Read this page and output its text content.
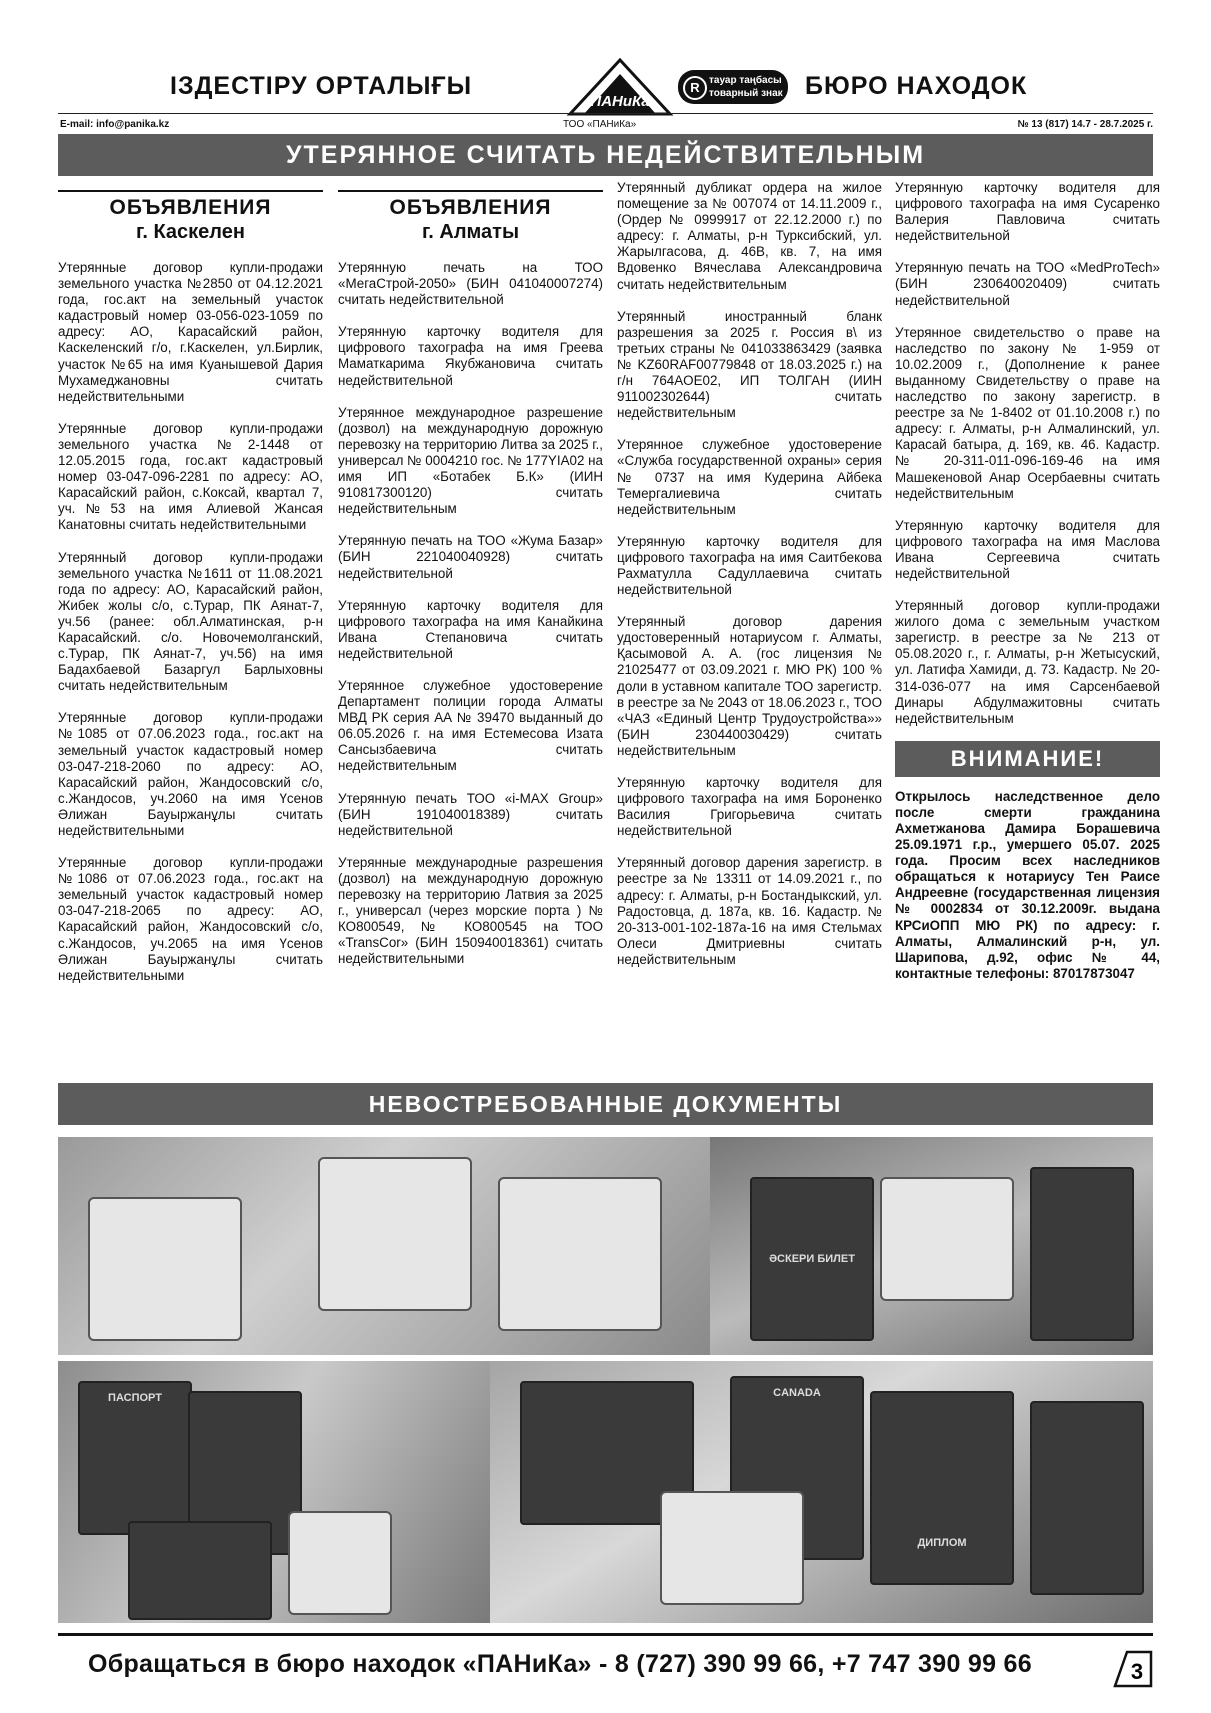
ІЗДЕСТІРУ ОРТАЛЫҒЫ
ПАНиКа
R тауар таңбасы
товарный знак БЮРО НАХОДОК
E-mail: info@panika.kz	ТОО «ПАНиКа»	№ 13 (817) 14.7 - 28.7.2025 г.
УТЕРЯННОЕ СЧИТАТЬ НЕДЕЙСТВИТЕЛЬНЫМ
ОБЪЯВЛЕНИЯ
г. Каскелен

Утерянные договор купли-продажи земельного участка №2850 от 04.12.2021 года, гос.акт на земельный участок кадастровый номер 03-056-023-1059 по адресу: АО, Карасайский район, Каскеленский г/о, г.Каскелен, ул.Бирлик, участок №65 на имя Куанышевой Дария Мухамеджановны считать недействительными

Утерянные договор купли-продажи земельного участка №2-1448 от 12.05.2015 года, гос.акт кадастровый номер 03-047-096-2281 по адресу: АО, Карасайский район, с.Коксай, квартал 7, уч.№53 на имя Алиевой Жансая Канатовны считать недействительными

Утерянный договор купли-продажи земельного участка №1611 от 11.08.2021 года по адресу: АО, Карасайский район, Жибек жолы с/о, с.Турар, ПК Аянат-7, уч.56 (ранее: обл.Алматинская, р-н Карасайский. с/о. Новочемолганский, с.Турар, ПК Аянат-7, уч.56) на имя Бадахбаевой Базаргул Барлыховны считать недействительным

Утерянные договор купли-продажи №1085 от 07.06.2023 года., гос.акт на земельный участок кадастровый номер 03-047-218-2060 по адресу: АО, Карасайский район, Жандосовский с/о, с.Жандосов, уч.2060 на имя Үсенов Әлижан Бауыржанұлы считать недействительными

Утерянные договор купли-продажи №1086 от 07.06.2023 года., гос.акт на земельный участок кадастровый номер 03-047-218-2065 по адресу: АО, Карасайский район, Жандосовский с/о, с.Жандосов, уч.2065 на имя Үсенов Әлижан Бауыржанұлы считать недействительными

ОБЪЯВЛЕНИЯ
г. Алматы

Утерянную печать на ТОО «МегаСтрой-2050» (БИН 041040007274) считать недействительной

Утерянную карточку водителя для цифрового тахографа на имя Греева Маматкарима Якубжановича считать недействительной

Утерянное международное разрешение (дозвол) на международную дорожную перевозку на территорию Литва за 2025 г., универсал № 0004210 гос. № 177YIA02 на имя ИП «Ботабек Б.К» (ИИН 910817300120) считать недействительным

Утерянную печать на ТОО «Жума Базар» (БИН 221040040928) считать недействительной

Утерянную карточку водителя для цифрового тахографа на имя Канайкина Ивана Степановича считать недействительной

Утерянное служебное удостоверение Департамент полиции города Алматы МВД РК серия АА № 39470 выданный до 06.05.2026 г. на имя Естемесова Изата Сансызбаевича считать недействительным

Утерянную печать ТОО «i-MAX Group» (БИН 191040018389) считать недействительной

Утерянные международные разрешения (дозвол) на международную дорожную перевозку на территорию Латвия за 2025 г., универсал (через морские порта ) № КО800549, № КО800545 на ТОО «TransCor» (БИН 150940018361) считать недействительными

Утерянный дубликат ордера на жилое помещение за № 007074 от 14.11.2009 г., (Ордер № 0999917 от 22.12.2000 г.) по адресу: г. Алматы, р-н Турксибский, ул. Жарылгасова, д. 46В, кв. 7, на имя Вдовенко Вячеслава Александровича считать недействительным

Утерянный иностранный бланк разрешения за 2025 г. Россия в\ из третьих страны № 041033863429 (заявка № KZ60RAF00779848 от 18.03.2025 г.) на г/н 764AOE02, ИП ТОЛГАН (ИИН 911002302644) считать недействительным

Утерянное служебное удостоверение «Служба государственной охраны» серия № 0737 на имя Кудерина Айбека Темергалиевича считать недействительным

Утерянную карточку водителя для цифрового тахографа на имя Саитбекова Рахматулла Садуллаевича считать недействительной

Утерянный договор дарения удостоверенный нотариусом г. Алматы, Қасымовой А. А. (гос лицензия № 21025477 от 03.09.2021 г. МЮ РК) 100 % доли в уставном капитале ТОО зарегистр. в реестре за № 2043 от 18.06.2023 г., ТОО «ЧАЗ «Единый Центр Трудоустройства»» (БИН 230440030429) считать недействительным

Утерянную карточку водителя для цифрового тахографа на имя Бороненко Василия Григорьевича считать недействительной

Утерянный договор дарения зарегистр. в реестре за № 13311 от 14.09.2021 г., по адресу: г. Алматы, р-н Бостандыкский, ул. Радостовца, д. 187а, кв. 16. Кадастр. № 20-313-001-102-187а-16 на имя Стельмах Олеси Дмитриевны считать недействительным

Утерянную карточку водителя для цифрового тахографа на имя Сусаренко Валерия Павловича считать недействительной

Утерянную печать на ТОО «MedProTech» (БИН 230640020409) считать недействительной

Утерянное свидетельство о праве на наследство по закону № 1-959 от 10.02.2009 г., (Дополнение к ранее выданному Свидетельству о праве на наследство по закону зарегистр. в реестре за № 1-8402 от 01.10.2008 г.) по адресу: г. Алматы, р-н Алмалинский, ул. Карасай батыра, д. 169, кв. 46. Кадастр. № 20-311-011-096-169-46 на имя Машекеновой Анар Осербаевны считать недействительным

Утерянную карточку водителя для цифрового тахографа на имя Маслова Ивана Сергеевича считать недействительной

Утерянный договор купли-продажи жилого дома с земельным участком зарегистр. в реестре за № 213 от 05.08.2020 г., г. Алматы, р-н Жетысуский, ул. Латифа Хамиди, д. 73. Кадастр. № 20-314-036-077 на имя Сарсенбаевой Динары Абдулмажитовны считать недействительным

ВНИМАНИЕ!

Открылось наследственное дело после смерти гражданина Ахметжанова Дамира Борашевича 25.09.1971 г.р., умершего 05.07. 2025 года. Просим всех наследников обращаться к нотариусу Тен Раисе Андреевне (государственная лицензия № 0002834 от 30.12.2009г. выдана КРСиОПП МЮ РК) по адресу: г. Алматы, Алмалинский р-н, ул. Шарипова, д.92, офис № 44, контактные телефоны: 87017873047

НЕВОСТРЕБОВАННЫЕ ДОКУМЕНТЫ
ӘСКЕРИ БИЛЕТ
ПАСПОРТ	CANADA
ДИПЛОМ
Обращаться в бюро находок «ПАНиКа» - 8 (727) 390 99 66, +7 747 390 99 66	3
